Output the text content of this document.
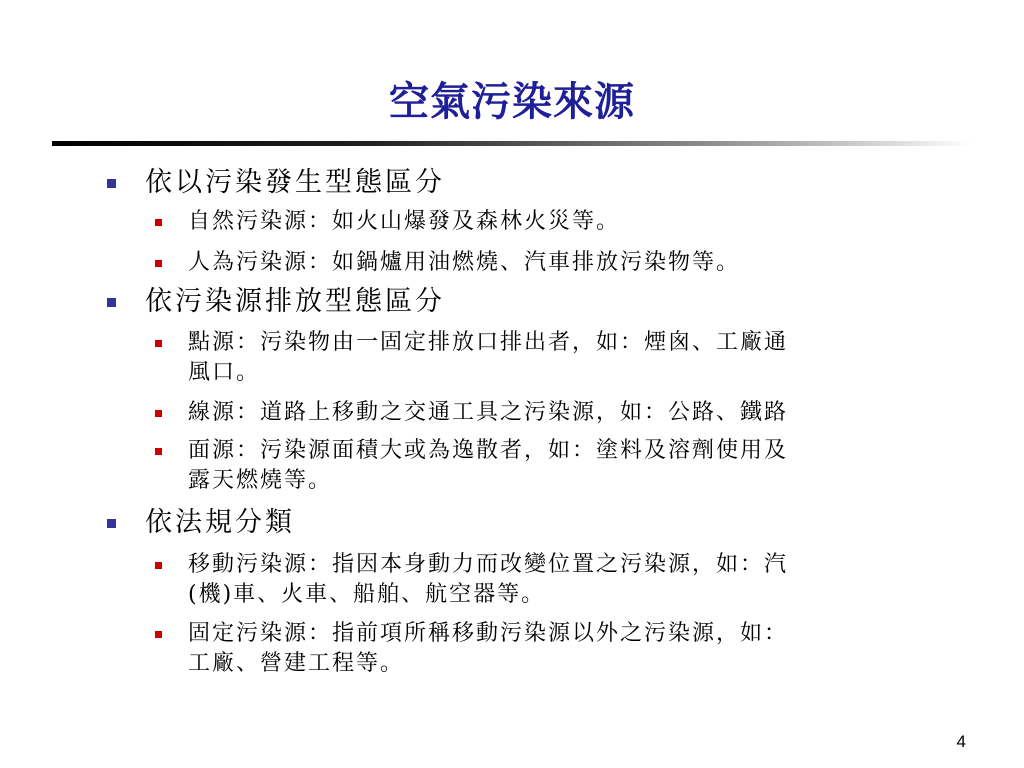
空氣污染來源
依以污染發生型態區分
自然污染源：如火山爆發及森林火災等。
人為污染源：如鍋爐用油燃燒、汽車排放污染物等。
依污染源排放型態區分
點源：污染物由一固定排放口排出者，如：煙囪、工廠通
風口。
線源：道路上移動之交通工具之污染源，如：公路、鐵路
面源：污染源面積大或為逸散者，如：塗料及溶劑使用及
露天燃燒等。
依法規分類
移動污染源：指因本身動力而改變位置之污染源，如：汽
(機)車、火車、船舶、航空器等。
固定污染源：指前項所稱移動污染源以外之污染源，如：
工廠、營建工程等。
4
